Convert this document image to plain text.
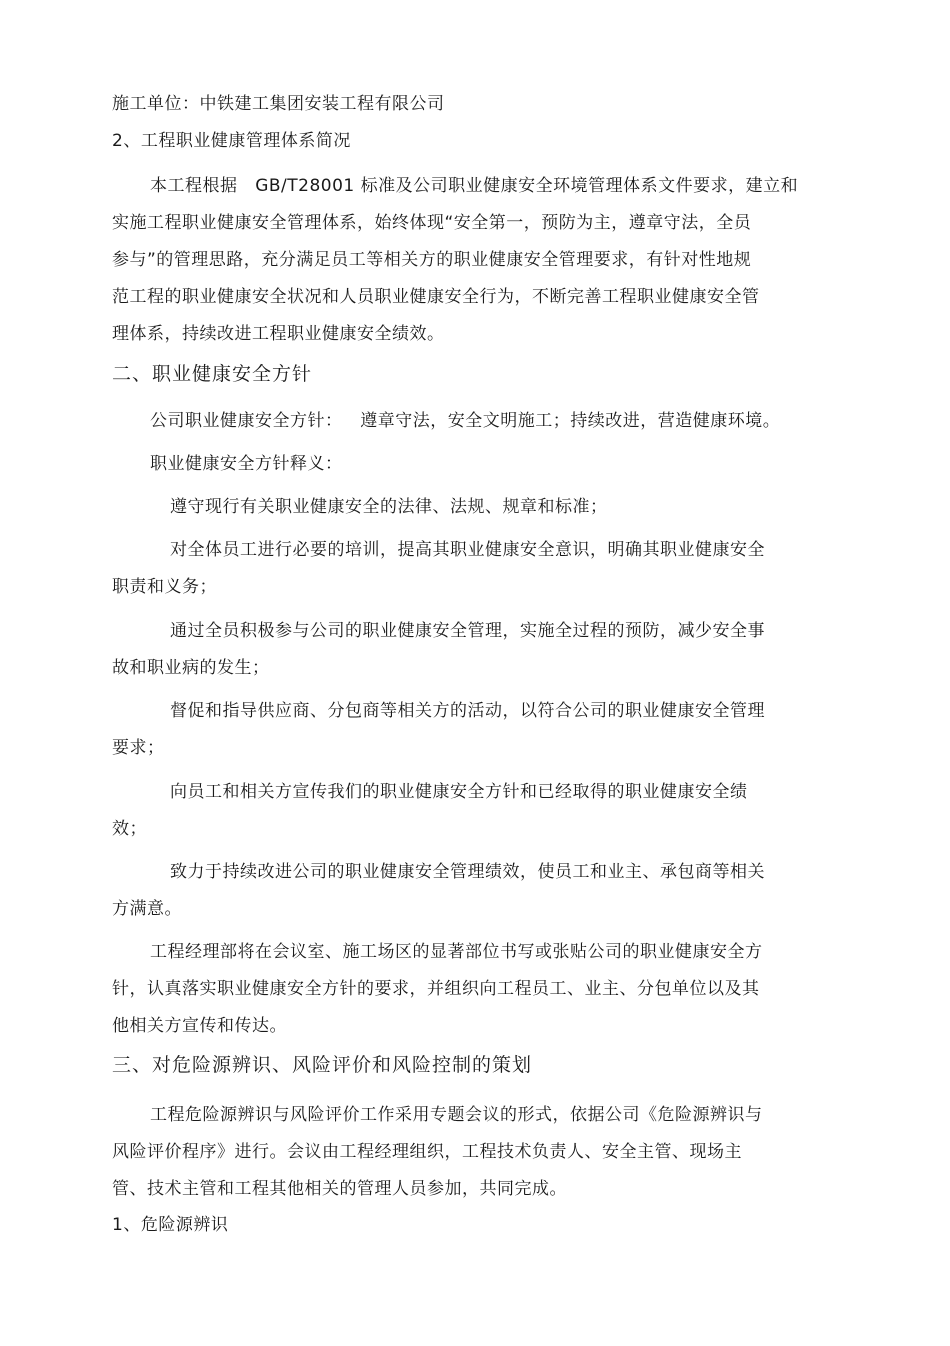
施工单位：中铁建工集团安装工程有限公司
2、工程职业健康管理体系简况
本工程根据   GB/T28001 标准及公司职业健康安全环境管理体系文件要求，建立和
实施工程职业健康安全管理体系，始终体现“安全第一，预防为主，遵章守法，全员
参与”的管理思路，充分满足员工等相关方的职业健康安全管理要求，有针对性地规
范工程的职业健康安全状况和人员职业健康安全行为，不断完善工程职业健康安全管
理体系，持续改进工程职业健康安全绩效。
二、职业健康安全方针
公司职业健康安全方针：   遵章守法，安全文明施工；持续改进，营造健康环境。
职业健康安全方针释义：
遵守现行有关职业健康安全的法律、法规、规章和标准；
对全体员工进行必要的培训，提高其职业健康安全意识，明确其职业健康安全
职责和义务；
通过全员积极参与公司的职业健康安全管理，实施全过程的预防，减少安全事
故和职业病的发生；
督促和指导供应商、分包商等相关方的活动，以符合公司的职业健康安全管理
要求；
向员工和相关方宣传我们的职业健康安全方针和已经取得的职业健康安全绩
效；
致力于持续改进公司的职业健康安全管理绩效，使员工和业主、承包商等相关
方满意。
工程经理部将在会议室、施工场区的显著部位书写或张贴公司的职业健康安全方
针，认真落实职业健康安全方针的要求，并组织向工程员工、业主、分包单位以及其
他相关方宣传和传达。
三、对危险源辨识、风险评价和风险控制的策划
工程危险源辨识与风险评价工作采用专题会议的形式，依据公司《危险源辨识与
风险评价程序》进行。会议由工程经理组织，工程技术负责人、安全主管、现场主
管、技术主管和工程其他相关的管理人员参加，共同完成。
1、危险源辨识
